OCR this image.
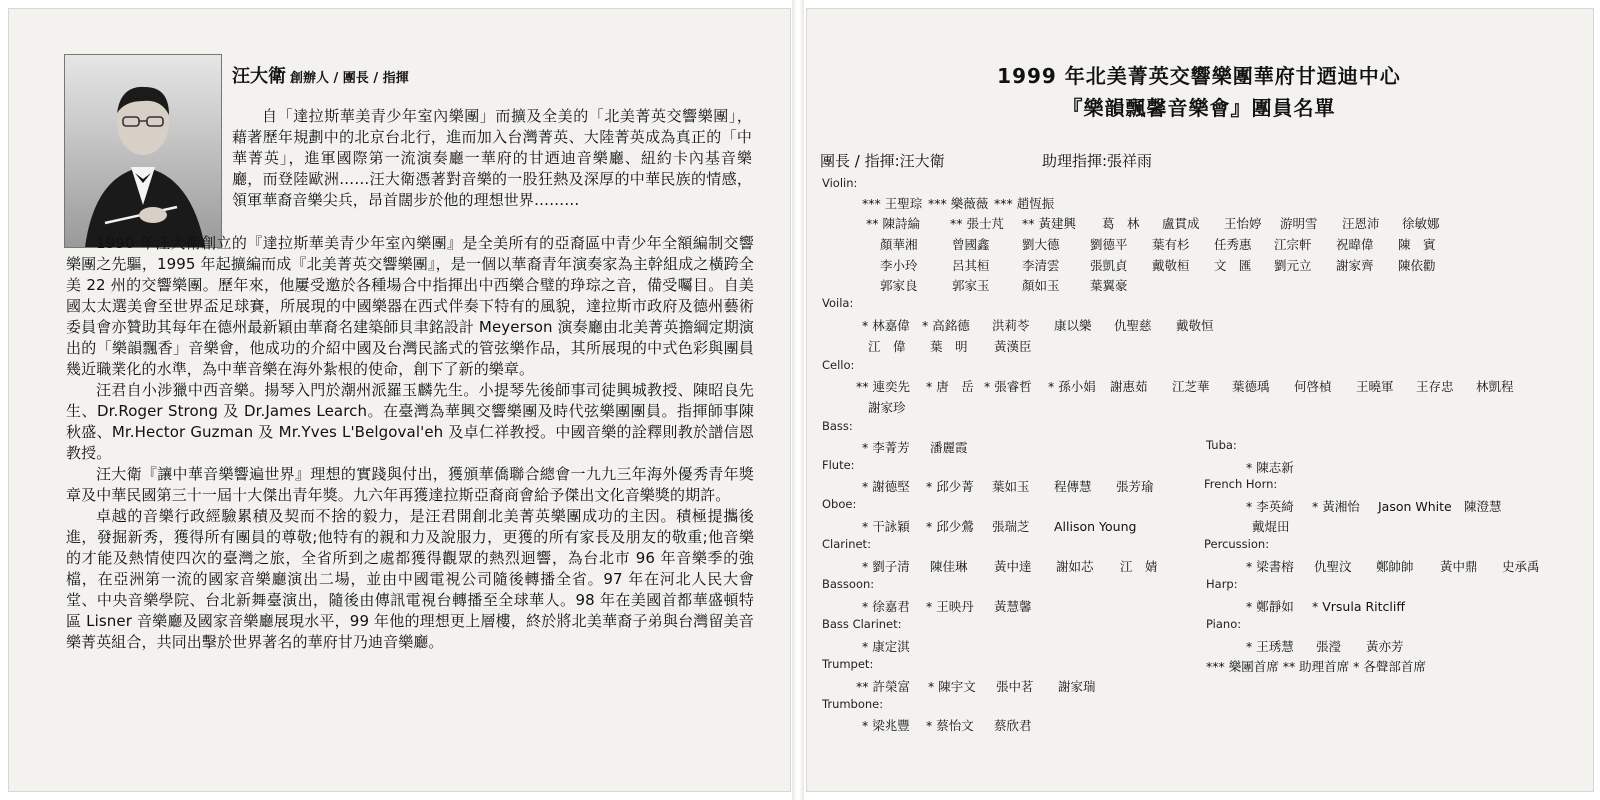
汪大衛 創辦人 / 團長 / 指揮

自「達拉斯華美青少年室內樂團」而擴及全美的「北美菁英交響樂團」，藉著歷年規劃中的北京台北行，進而加入台灣菁英、大陸菁英成為真正的「中華菁英」，進軍國際第一流演奏廳一華府的甘迺迪音樂廳、紐約卡內基音樂廳，而登陸歐洲……汪大衛憑著對音樂的一股狂熱及深厚的中華民族的情感，領軍華裔音樂尖兵，昂首闊步於他的理想世界………

1990 年汪大衛創立的『達拉斯華美青少年室內樂團』是全美所有的亞裔區中青少年全額編制交響樂團之先驅，1995 年起擴編而成『北美菁英交響樂團』，是一個以華裔青年演奏家為主幹組成之橫跨全美 22 州的交響樂團。歷年來，他屢受邀於各種場合中指揮出中西樂合璧的琤琮之音，備受囑目。自美國太太選美會至世界盃足球賽，所展現的中國樂器在西式伴奏下特有的風貌，達拉斯市政府及德州藝術委員會亦贊助其每年在德州最新穎由華裔名建築師貝聿銘設計 Meyerson 演奏廳由北美菁英擔綱定期演出的「樂韻飄香」音樂會，他成功的介紹中國及台灣民謠式的管弦樂作品，其所展現的中式色彩與團員幾近職業化的水準，為中華音樂在海外紮根的使命，創下了新的樂章。

汪君自小涉獵中西音樂。揚琴入門於潮州派羅玉麟先生。小提琴先後師事司徒興城教授、陳昭良先生、Dr.Roger Strong 及 Dr.James Learch。在臺灣為華興交響樂團及時代弦樂團團員。指揮師事陳秋盛、Mr.Hector Guzman 及 Mr.Yves L'Belgoval'eh 及卓仁祥教授。中國音樂的詮釋則教於譜信恩教授。

汪大衛『讓中華音樂響遍世界』理想的實踐與付出，獲頒華僑聯合總會一九九三年海外優秀青年獎章及中華民國第三十一屆十大傑出青年獎。九六年再獲達拉斯亞裔商會給予傑出文化音樂獎的期許。

卓越的音樂行政經驗累積及契而不捨的毅力，是汪君開創北美菁英樂團成功的主因。積極提攜後進，發掘新秀，獲得所有團員的尊敬;他特有的親和力及說服力，更獲的所有家長及朋友的敬重;他音樂的才能及熱情使四次的臺灣之旅，全省所到之處都獲得觀眾的熱烈迴響，為台北市 96 年音樂季的強檔，在亞洲第一流的國家音樂廳演出二場，並由中國電視公司隨後轉播全省。97 年在河北人民大會堂、中央音樂學院、台北新舞臺演出，隨後由傳訊電視台轉播至全球華人。98 年在美國首都華盛頓特區 Lisner 音樂廳及國家音樂廳展現水平，99 年他的理想更上層樓，終於將北美華裔子弟與台灣留美音樂菁英組合，共同出擊於世界著名的華府甘乃迪音樂廳。

1999 年北美菁英交響樂團華府甘迺迪中心
『樂韻飄馨音樂會』團員名單
團長 / 指揮:汪大衛	助理指揮:張祥雨
Violin:
*** 王聖琮 *** 樂薇薇 *** 趙恆振
** 陳詩綸 ** 張士芃 ** 黃建興 葛　林 盧貫成 王怡婷 游明雪 汪恩沛 徐敏娜
顏華湘	曾國鑫	劉大德 劉德平 葉有杉 任秀惠 江宗軒 祝暐偉 陳　賓
李小玲	呂其桓	李清雲 張凱貞 戴敬桓 文　匯 劉元立 謝家齊 陳依勸
郭家良	郭家玉	顏如玉 葉翼豪
Voila:
* 林嘉偉 * 高銘德 洪莉苓 康以樂 仇聖慈 戴敬恒
江　偉 葉　明 黃漢臣
Cello:
** 連奕先 * 唐　岳 * 張睿哲 * 孫小娟 謝惠茹 江芝華 葉德瑀 何啓楨 王曉軍 王存忠 林凱程
謝家珍
Bass:
* 李菁芳 潘麗霞
Flute:
* 謝德堅 * 邱少菁 葉如玉 程傳慧 張芳瑜
Oboe:
* 干詠穎 * 邱少鶯 張瑞芝 Allison Young
Clarinet:
* 劉子清 陳佳琳 黃中達 謝如芯 江　婧
Bassoon:
* 徐嘉君 * 王映丹 黃慧馨
Bass Clarinet:
* 康定淇
Trumpet:
** 許榮富 * 陳宇文 張中茗 謝家瑞
Trumbone:
* 梁兆豐 * 蔡怡文 蔡欣君
Tuba:
* 陳志新
French Horn:
* 李英綺 * 黃湘怡 Jason White 陳澄慧
戴焜田
Percussion:
* 梁書榕 仇聖汶 鄭帥帥 黃中鼎 史承禹
Harp:
* 鄭靜如 * Vrsula Ritcliff
Piano:
* 王琇慧 張瀅 黃亦芳
*** 樂團首席 ** 助理首席 * 各聲部首席
